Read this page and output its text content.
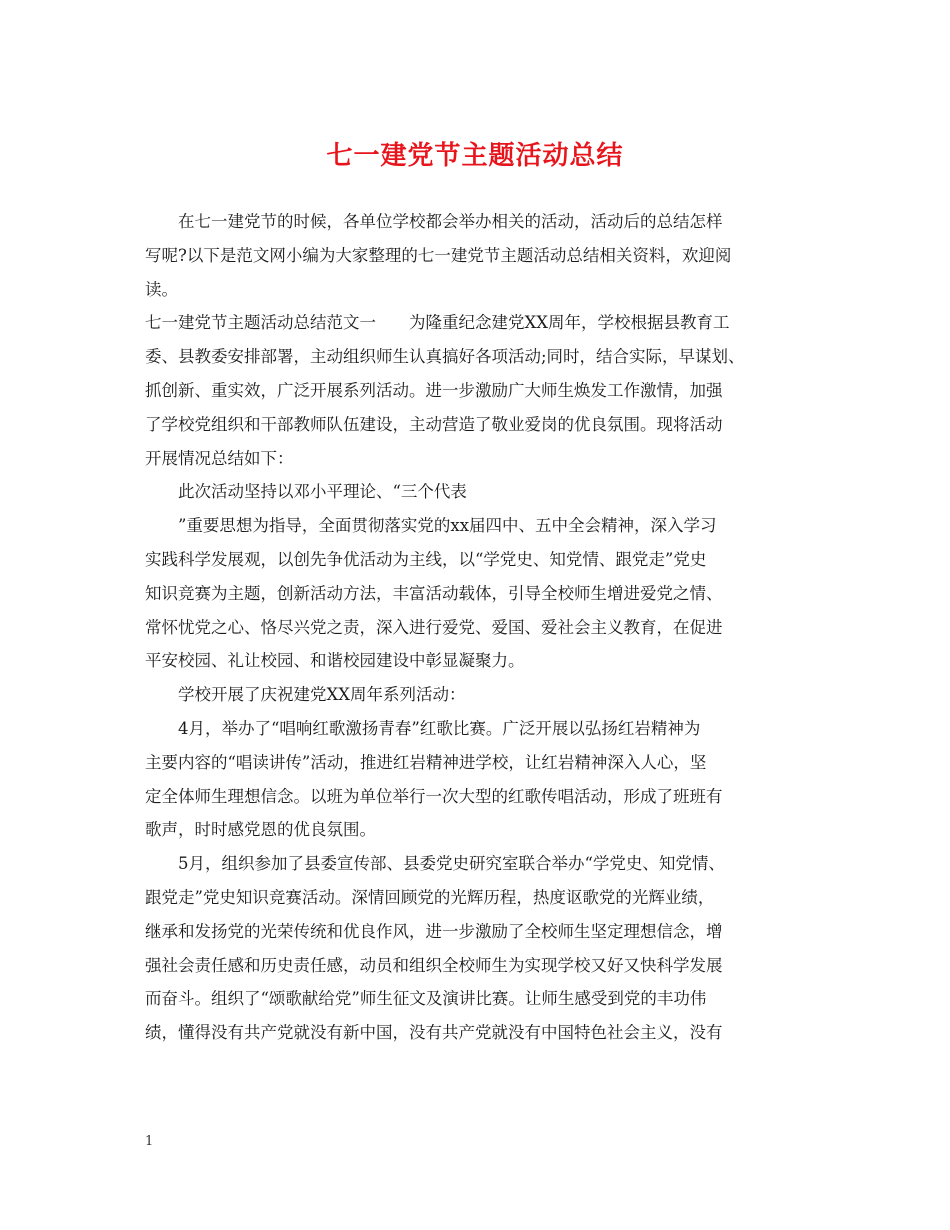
七一建党节主题活动总结
在七一建党节的时候，各单位学校都会举办相关的活动，活动后的总结怎样
写呢?以下是范文网小编为大家整理的七一建党节主题活动总结相关资料，欢迎阅
读。
七一建党节主题活动总结范文一　　为隆重纪念建党XX周年，学校根据县教育工
委、县教委安排部署，主动组织师生认真搞好各项活动;同时，结合实际，早谋划、
抓创新、重实效，广泛开展系列活动。进一步激励广大师生焕发工作激情，加强
了学校党组织和干部教师队伍建设，主动营造了敬业爱岗的优良氛围。现将活动
开展情况总结如下：
此次活动坚持以邓小平理论、“三个代表
”重要思想为指导，全面贯彻落实党的xx届四中、五中全会精神，深入学习
实践科学发展观，以创先争优活动为主线，以“学党史、知党情、跟党走”党史
知识竞赛为主题，创新活动方法，丰富活动载体，引导全校师生增进爱党之情、
常怀忧党之心、恪尽兴党之责，深入进行爱党、爱国、爱社会主义教育，在促进
平安校园、礼让校园、和谐校园建设中彰显凝聚力。
学校开展了庆祝建党XX周年系列活动：
4月，举办了“唱响红歌激扬青春”红歌比赛。广泛开展以弘扬红岩精神为
主要内容的“唱读讲传”活动，推进红岩精神进学校，让红岩精神深入人心，坚
定全体师生理想信念。以班为单位举行一次大型的红歌传唱活动，形成了班班有
歌声，时时感党恩的优良氛围。
5月，组织参加了县委宣传部、县委党史研究室联合举办“学党史、知党情、
跟党走”党史知识竞赛活动。深情回顾党的光辉历程，热度讴歌党的光辉业绩，
继承和发扬党的光荣传统和优良作风，进一步激励了全校师生坚定理想信念，增
强社会责任感和历史责任感，动员和组织全校师生为实现学校又好又快科学发展
而奋斗。组织了“颂歌献给党”师生征文及演讲比赛。让师生感受到党的丰功伟
绩，懂得没有共产党就没有新中国，没有共产党就没有中国特色社会主义，没有
1
